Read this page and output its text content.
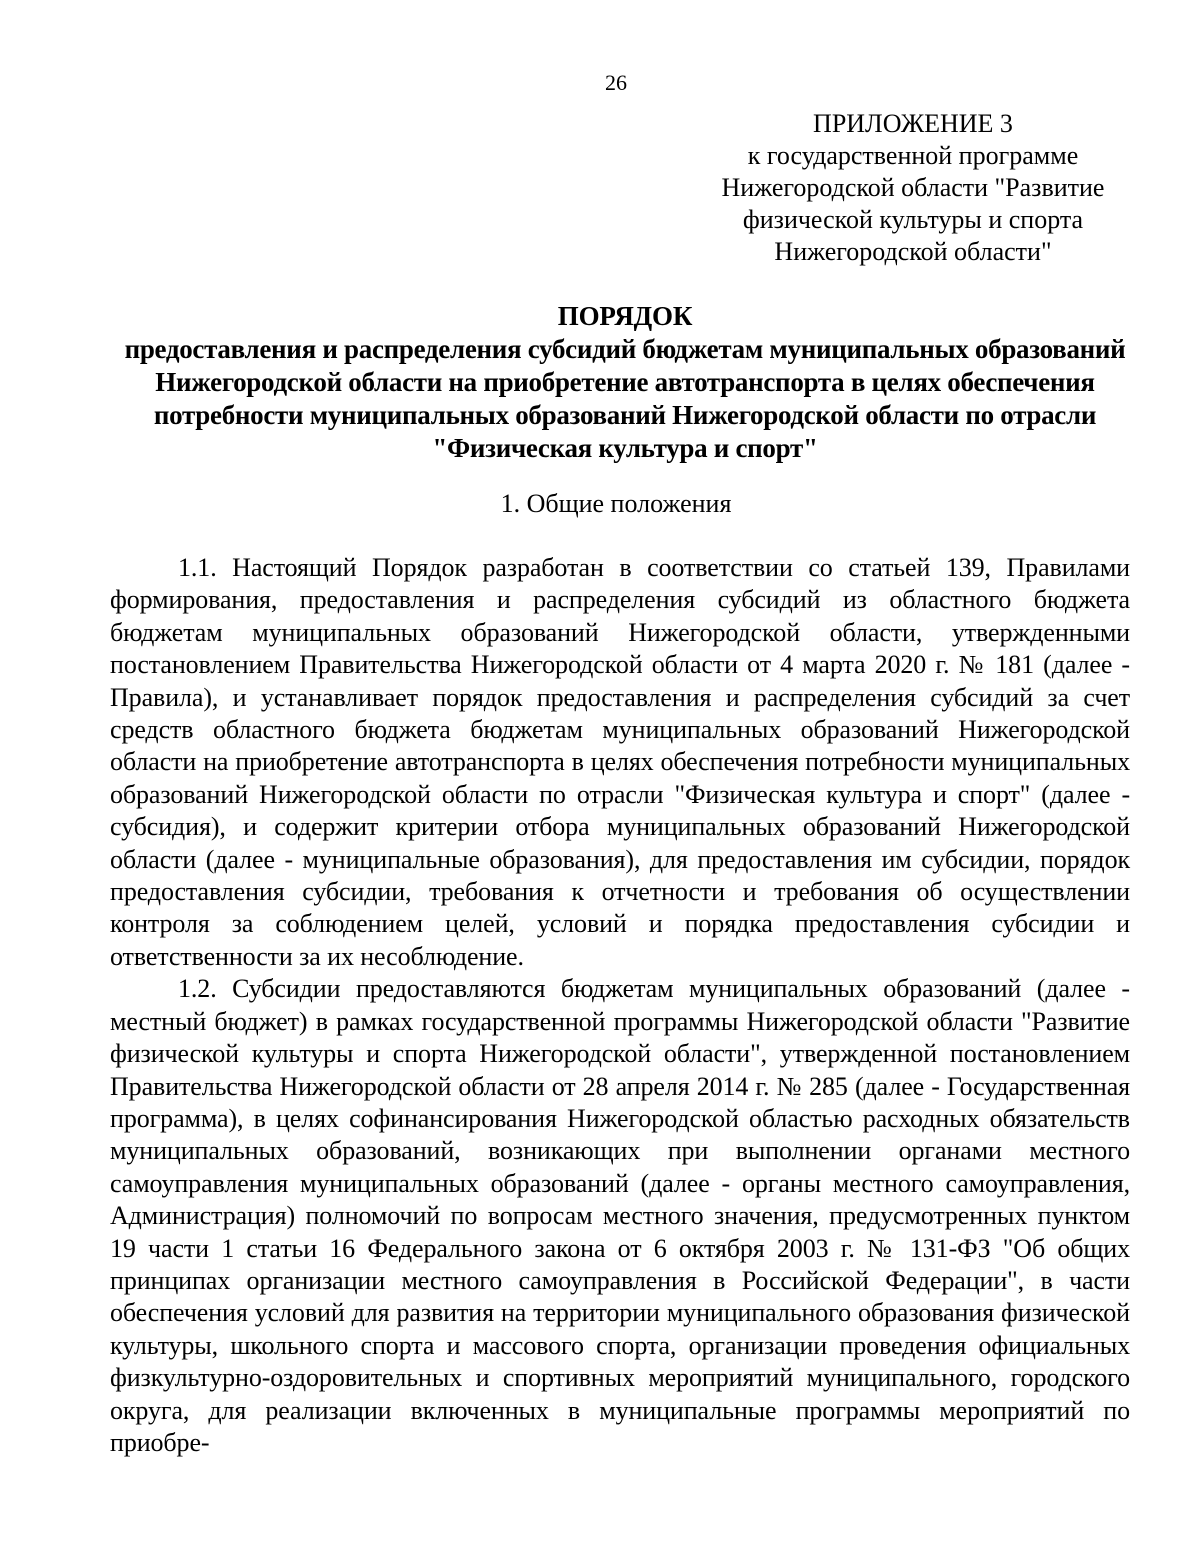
26
ПРИЛОЖЕНИЕ 3
к государственной программе Нижегородской области "Развитие физической культуры и спорта Нижегородской области"
ПОРЯДОК
предоставления и распределения субсидий бюджетам муниципальных образований Нижегородской области на приобретение автотранспорта в целях обеспечения потребности муниципальных образований Нижегородской области по отрасли "Физическая культура и спорт"
1. Общие положения

1.1. Настоящий Порядок разработан в соответствии со статьей 139, Правилами формирования, предоставления и распределения субсидий из областного бюджета бюджетам муниципальных образований Нижегородской области, утвержденными постановлением Правительства Нижегородской области от 4 марта 2020 г. № 181 (далее - Правила), и устанавливает порядок предоставления и распределения субсидий за счет средств областного бюджета бюджетам муниципальных образований Нижегородской области на приобретение автотранспорта в целях обеспечения потребности муниципальных образований Нижегородской области по отрасли "Физическая культура и спорт" (далее - субсидия), и содержит критерии отбора муниципальных образований Нижегородской области (далее - муниципальные образования), для предоставления им субсидии, порядок предоставления субсидии, требования к отчетности и требования об осуществлении контроля за соблюдением целей, условий и порядка предоставления субсидии и ответственности за их несоблюдение.

1.2. Субсидии предоставляются бюджетам муниципальных образований (далее - местный бюджет) в рамках государственной программы Нижегородской области "Развитие физической культуры и спорта Нижегородской области", утвержденной постановлением Правительства Нижегородской области от 28 апреля 2014 г. № 285 (далее - Государственная программа), в целях софинансирования Нижегородской областью расходных обязательств муниципальных образований, возникающих при выполнении органами местного самоуправления муниципальных образований (далее - органы местного самоуправления, Администрация) полномочий по вопросам местного значения, предусмотренных пунктом 19 части 1 статьи 16 Федерального закона от 6 октября 2003 г. № 131-ФЗ "Об общих принципах организации местного самоуправления в Российской Федерации", в части обеспечения условий для развития на территории муниципального образования физической культуры, школьного спорта и массового спорта, организации проведения официальных физкультурно-оздоровительных и спортивных мероприятий муниципального, городского округа, для реализации включенных в муниципальные программы мероприятий по приобре-
